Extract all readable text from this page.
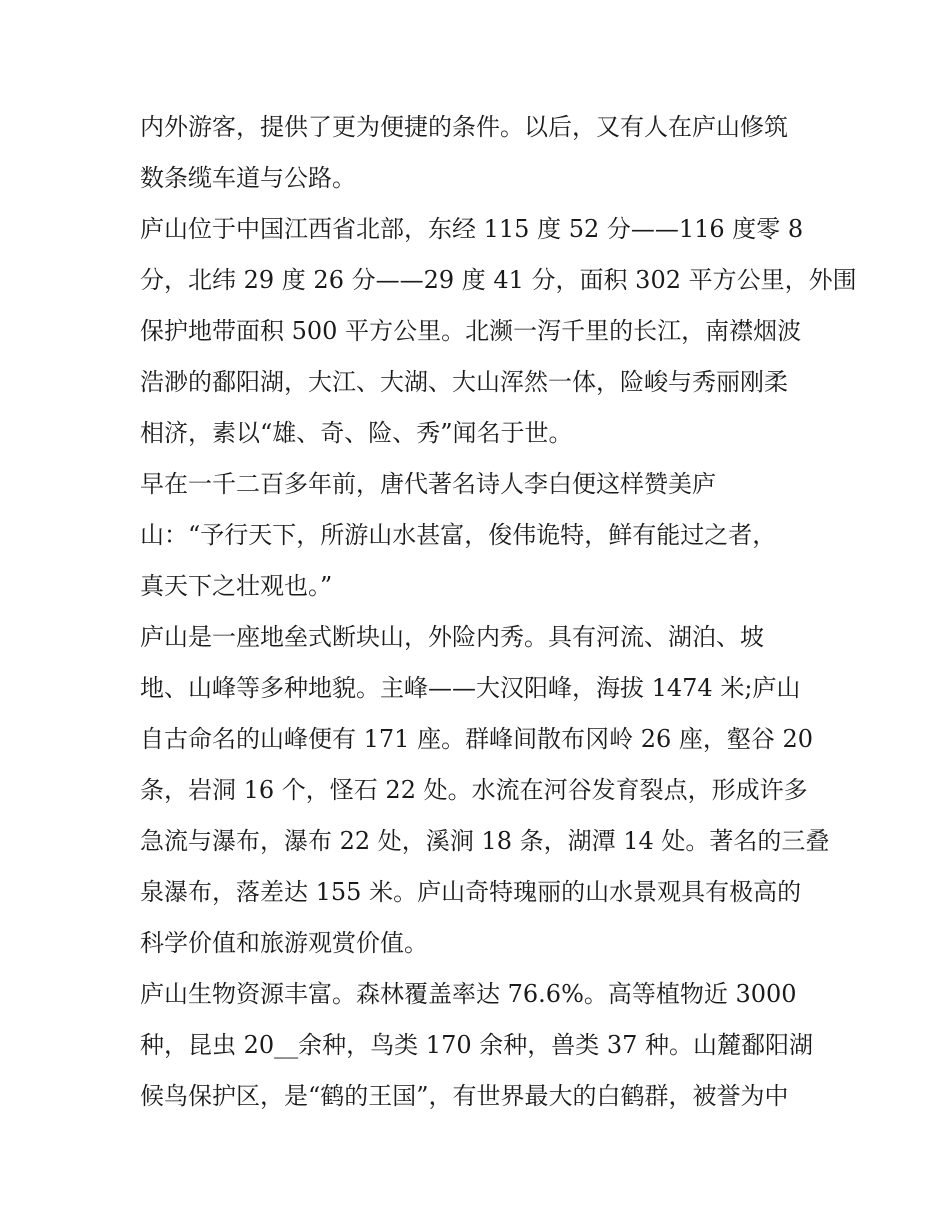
内外游客，提供了更为便捷的条件。以后，又有人在庐山修筑
数条缆车道与公路。
庐山位于中国江西省北部，东经 115 度 52 分——116 度零 8
分，北纬 29 度 26 分——29 度 41 分，面积 302 平方公里，外围
保护地带面积 500 平方公里。北濒一泻千里的长江，南襟烟波
浩渺的鄱阳湖，大江、大湖、大山浑然一体，险峻与秀丽刚柔
相济，素以“雄、奇、险、秀”闻名于世。
早在一千二百多年前，唐代著名诗人李白便这样赞美庐
山：“予行天下，所游山水甚富，俊伟诡特，鲜有能过之者，
真天下之壮观也。”
庐山是一座地垒式断块山，外险内秀。具有河流、湖泊、坡
地、山峰等多种地貌。主峰——大汉阳峰，海拔 1474 米;庐山
自古命名的山峰便有 171 座。群峰间散布冈岭 26 座，壑谷 20
条，岩洞 16 个，怪石 22 处。水流在河谷发育裂点，形成许多
急流与瀑布，瀑布 22 处，溪涧 18 条，湖潭 14 处。著名的三叠
泉瀑布，落差达 155 米。庐山奇特瑰丽的山水景观具有极高的
科学价值和旅游观赏价值。
庐山生物资源丰富。森林覆盖率达 76.6%。高等植物近 3000
种，昆虫 20__余种，鸟类 170 余种，兽类 37 种。山麓鄱阳湖
候鸟保护区，是“鹤的王国”，有世界最大的白鹤群，被誉为中
